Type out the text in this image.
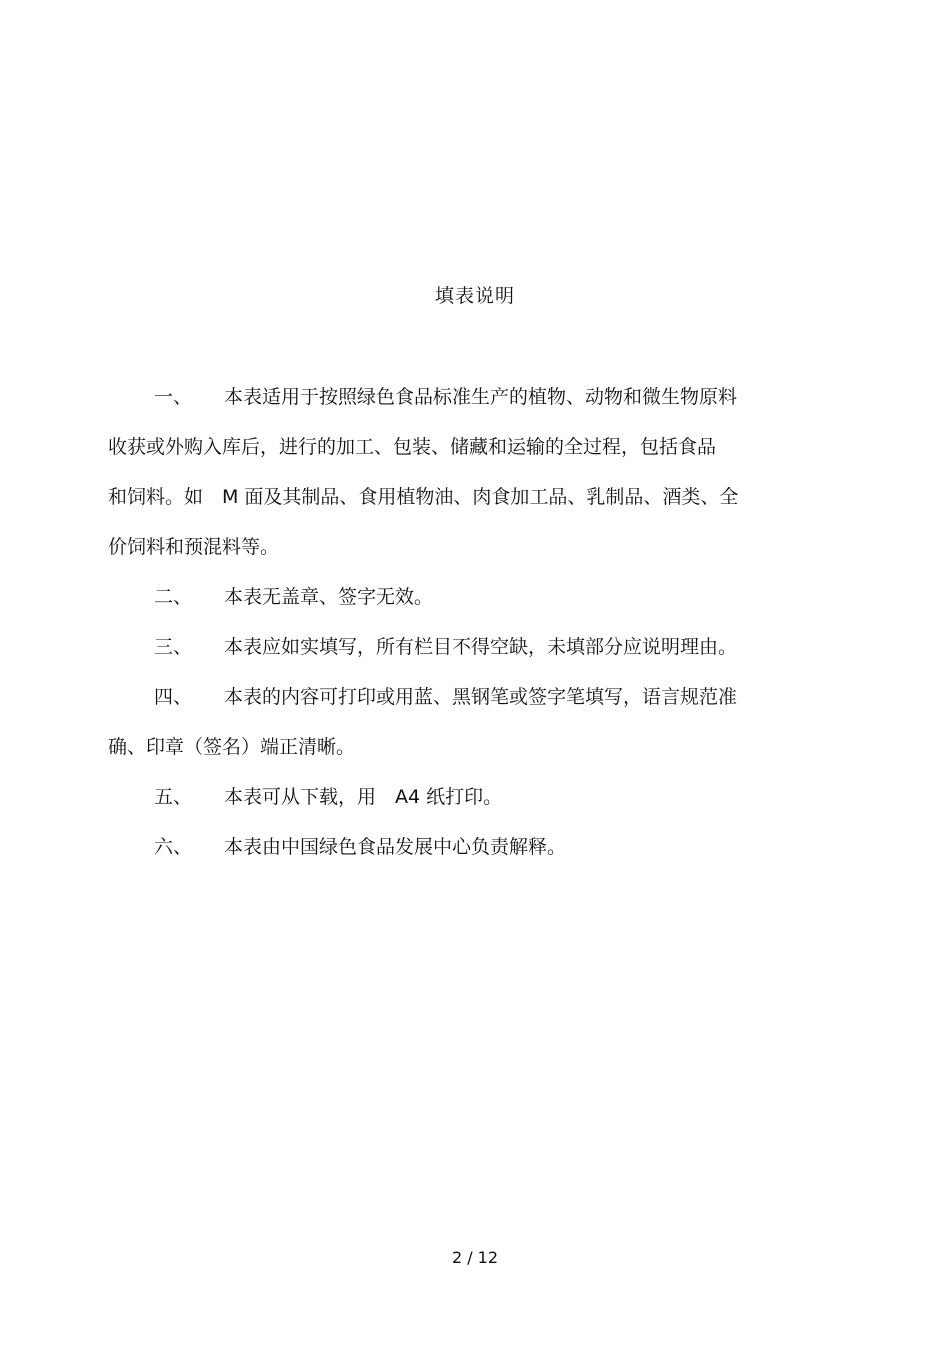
填表说明
一、 本表适用于按照绿色食品标准生产的植物、动物和微生物原料
收获或外购入库后，进行的加工、包装、储藏和运输的全过程，包括食品
和饲料。如　M 面及其制品、食用植物油、肉食加工品、乳制品、酒类、全
价饲料和预混料等。
二、 本表无盖章、签字无效。
三、 本表应如实填写，所有栏目不得空缺，未填部分应说明理由。
四、 本表的内容可打印或用蓝、黑钢笔或签字笔填写，语言规范准
确、印章（签名）端正清晰。
五、 本表可从下载，用　A4 纸打印。
六、 本表由中国绿色食品发展中心负责解释。
2 / 12
